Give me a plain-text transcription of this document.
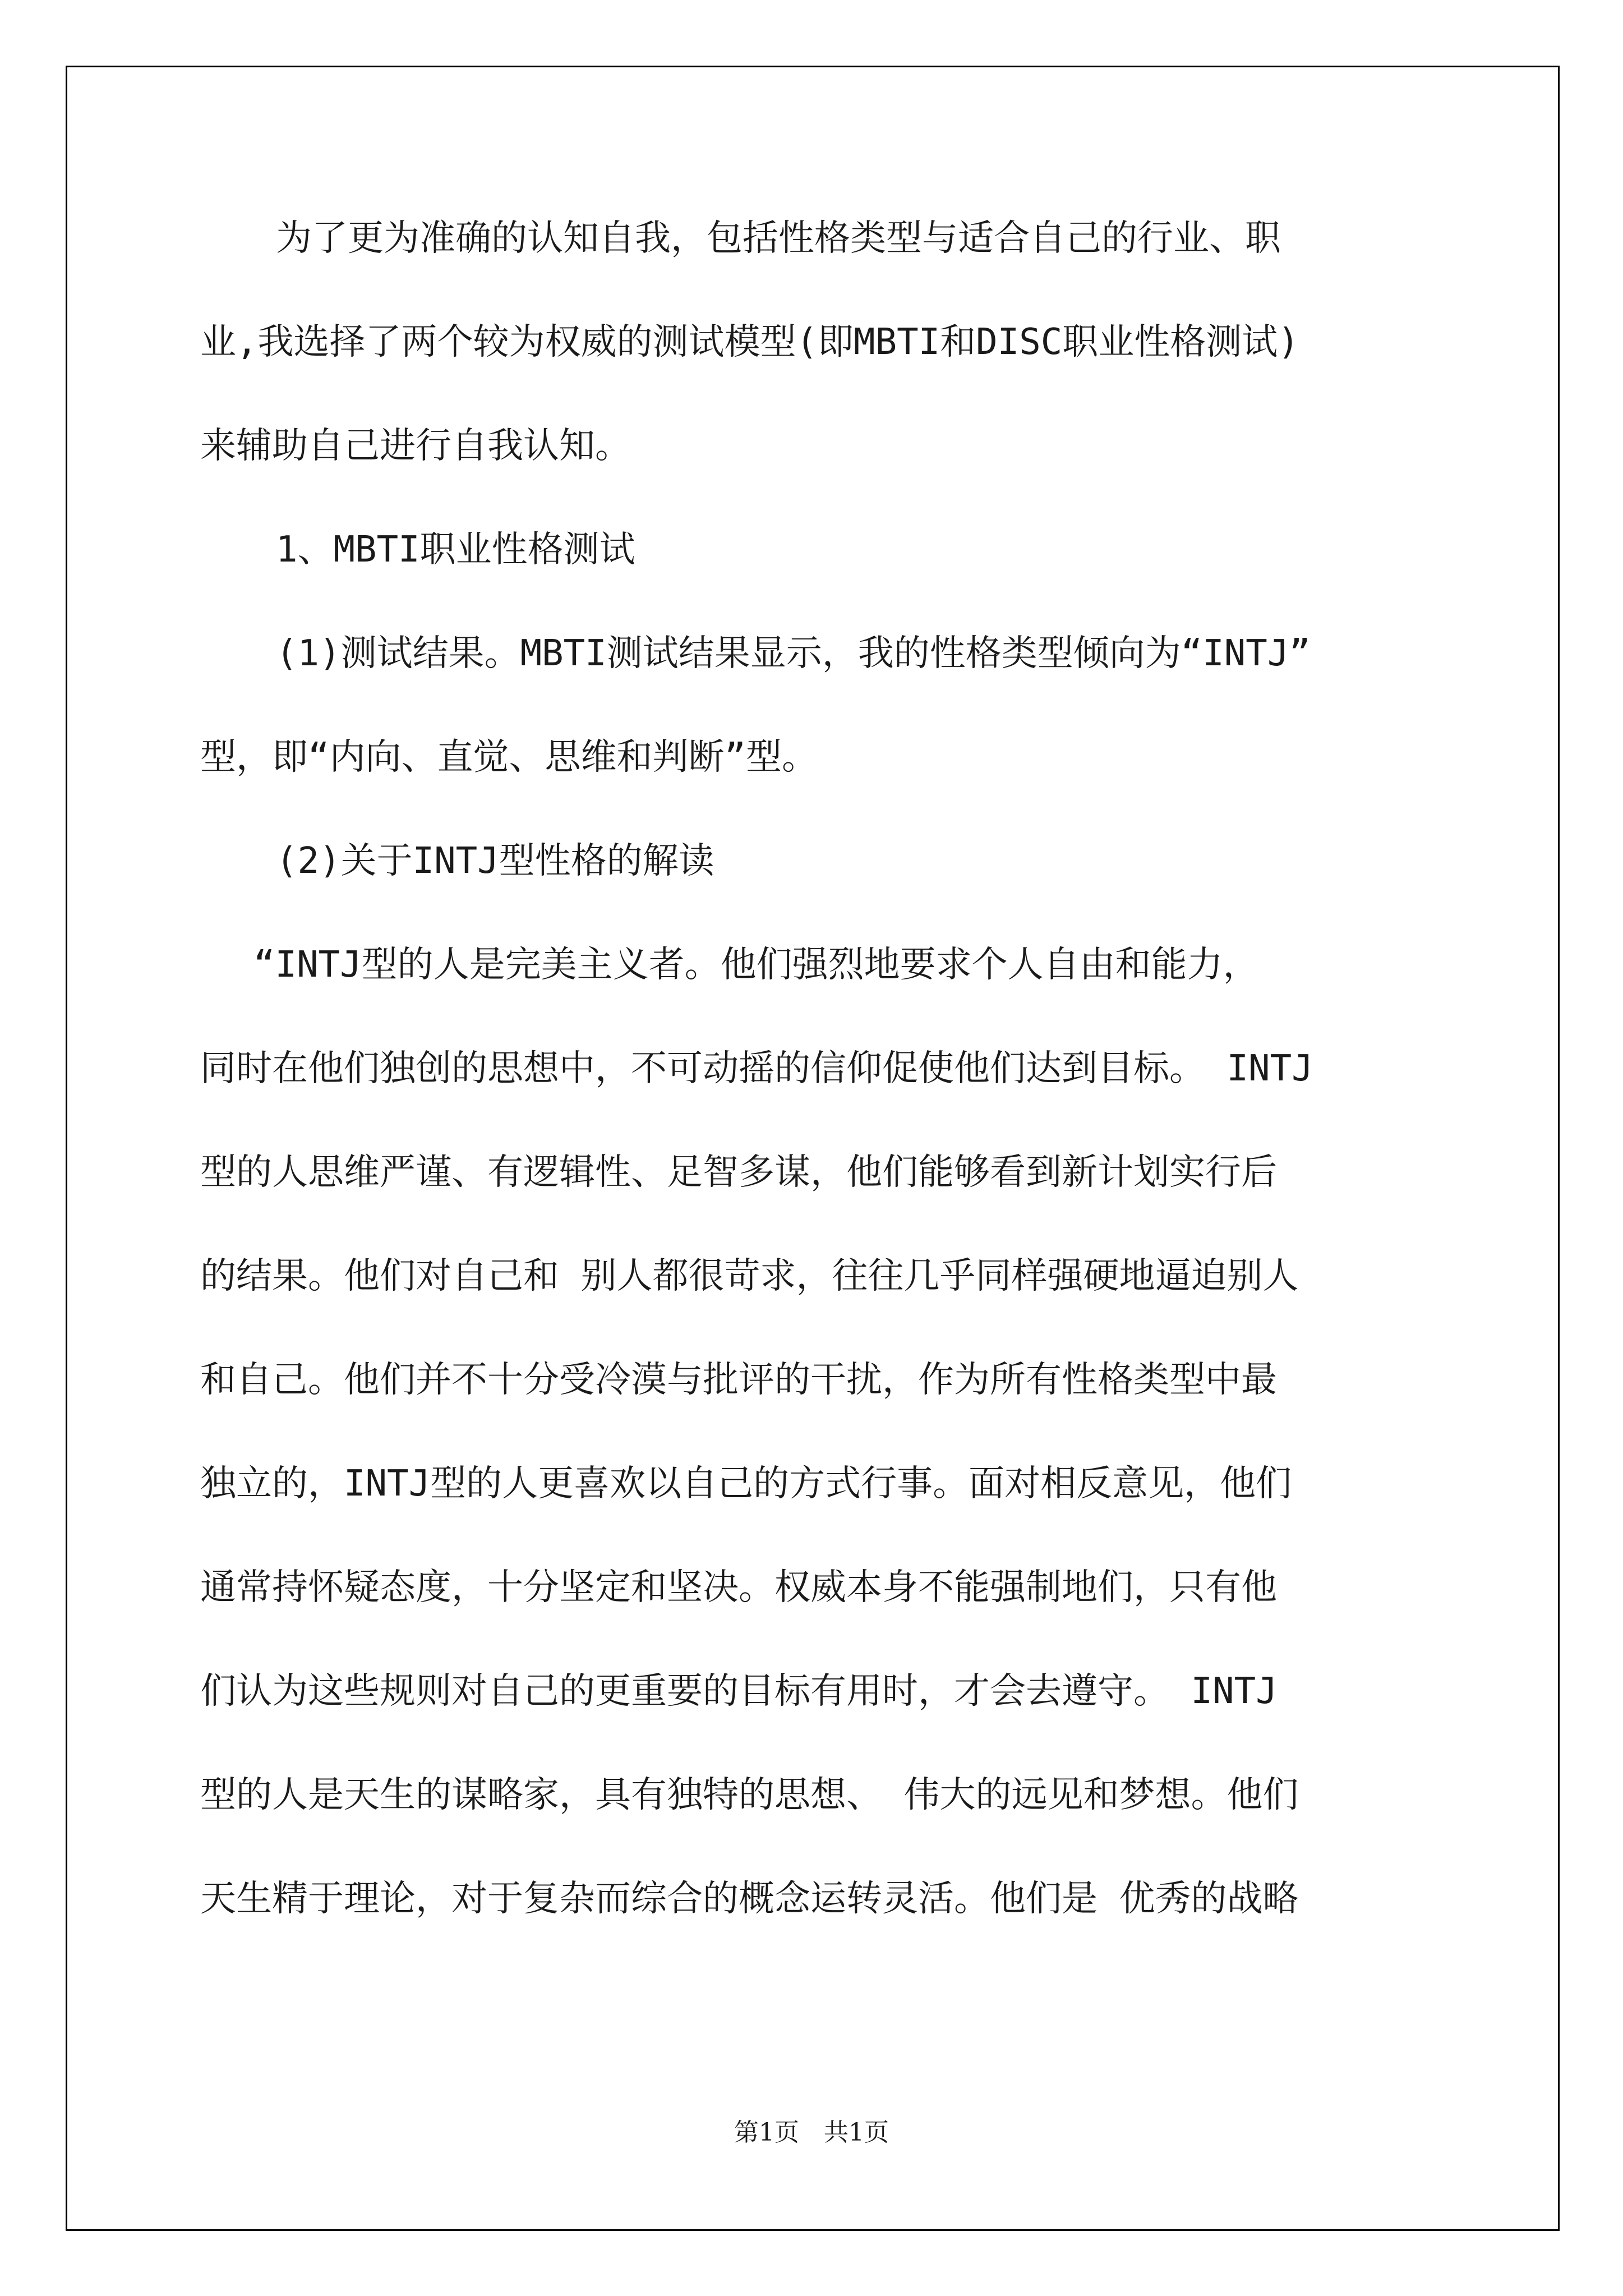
为了更为准确的认知自我，包括性格类型与适合自己的行业、职
业,我选择了两个较为权威的测试模型(即MBTI和DISC职业性格测试)
来辅助自己进行自我认知。
1、MBTI职业性格测试
(1)测试结果。MBTI测试结果显示，我的性格类型倾向为“INTJ”
型，即“内向、直觉、思维和判断”型。
(2)关于INTJ型性格的解读
“INTJ型的人是完美主义者。他们强烈地要求个人自由和能力，
同时在他们独创的思想中，不可动摇的信仰促使他们达到目标。 INTJ
型的人思维严谨、有逻辑性、足智多谋，他们能够看到新计划实行后
的结果。他们对自己和 别人都很苛求，往往几乎同样强硬地逼迫别人
和自己。他们并不十分受冷漠与批评的干扰，作为所有性格类型中最
独立的，INTJ型的人更喜欢以自己的方式行事。面对相反意见，他们
通常持怀疑态度，十分坚定和坚决。权威本身不能强制地们，只有他
们认为这些规则对自己的更重要的目标有用时，才会去遵守。 INTJ
型的人是天生的谋略家，具有独特的思想、 伟大的远见和梦想。他们
天生精于理论，对于复杂而综合的概念运转灵活。他们是 优秀的战略
第1页　共1页
